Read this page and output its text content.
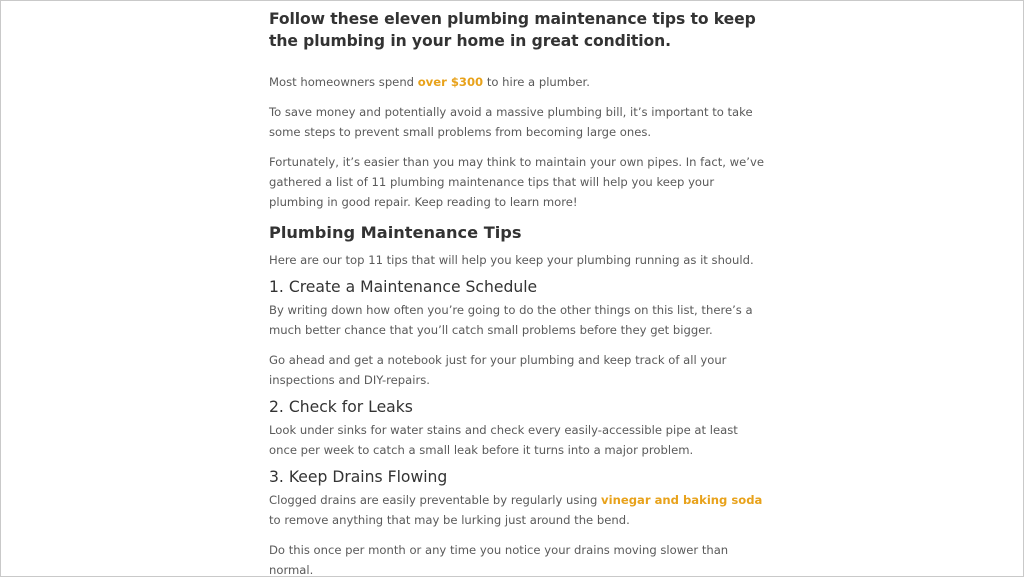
Follow these eleven plumbing maintenance tips to keep the plumbing in your home in great condition.

Most homeowners spend over $300 to hire a plumber.

To save money and potentially avoid a massive plumbing bill, it’s important to take some steps to prevent small problems from becoming large ones.

Fortunately, it’s easier than you may think to maintain your own pipes. In fact, we’ve gathered a list of 11 plumbing maintenance tips that will help you keep your plumbing in good repair. Keep reading to learn more!

Plumbing Maintenance Tips

Here are our top 11 tips that will help you keep your plumbing running as it should.

1. Create a Maintenance Schedule

By writing down how often you’re going to do the other things on this list, there’s a much better chance that you’ll catch small problems before they get bigger.

Go ahead and get a notebook just for your plumbing and keep track of all your inspections and DIY-repairs.

2. Check for Leaks

Look under sinks for water stains and check every easily-accessible pipe at least once per week to catch a small leak before it turns into a major problem.

3. Keep Drains Flowing

Clogged drains are easily preventable by regularly using vinegar and baking soda to remove anything that may be lurking just around the bend.

Do this once per month or any time you notice your drains moving slower than normal.
